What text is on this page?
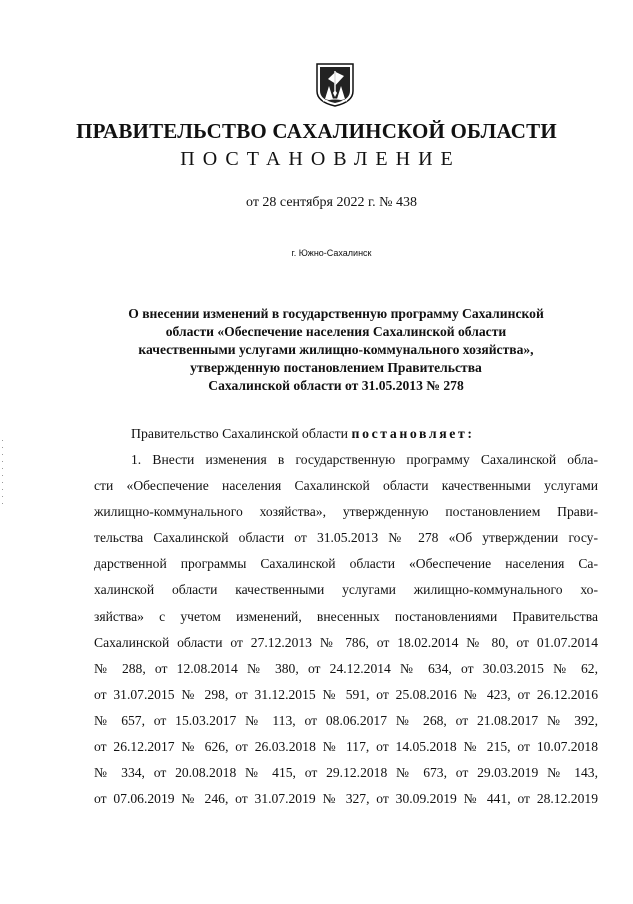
ПРАВИТЕЛЬСТВО САХАЛИНСКОЙ ОБЛАСТИ
ПОСТАНОВЛЕНИЕ
от 28 сентября 2022 г. № 438
г. Южно-Сахалинск
О внесении изменений в государственную программу Сахалинской
области «Обеспечение населения Сахалинской области
качественными услугами жилищно-коммунального хозяйства»,
утвержденную постановлением Правительства
Сахалинской области от 31.05.2013 № 278
Правительство Сахалинской области постановляет:
1. Внести изменения в государственную программу Сахалинской обла-
сти «Обеспечение населения Сахалинской области качественными услугами
жилищно-коммунального хозяйства», утвержденную постановлением Прави-
тельства Сахалинской области от 31.05.2013 № 278 «Об утверждении госу-
дарственной программы Сахалинской области «Обеспечение населения Са-
халинской области качественными услугами жилищно-коммунального хо-
зяйства» с учетом изменений, внесенных постановлениями Правительства
Сахалинской области от 27.12.2013 № 786, от 18.02.2014 № 80, от 01.07.2014
№ 288, от 12.08.2014 № 380, от 24.12.2014 № 634, от 30.03.2015 № 62,
от 31.07.2015 № 298, от 31.12.2015 № 591, от 25.08.2016 № 423, от 26.12.2016
№ 657, от 15.03.2017 № 113, от 08.06.2017 № 268, от 21.08.2017 № 392,
от 26.12.2017 № 626, от 26.03.2018 № 117, от 14.05.2018 № 215, от 10.07.2018
№ 334, от 20.08.2018 № 415, от 29.12.2018 № 673, от 29.03.2019 № 143,
от 07.06.2019 № 246, от 31.07.2019 № 327, от 30.09.2019 № 441, от 28.12.2019
